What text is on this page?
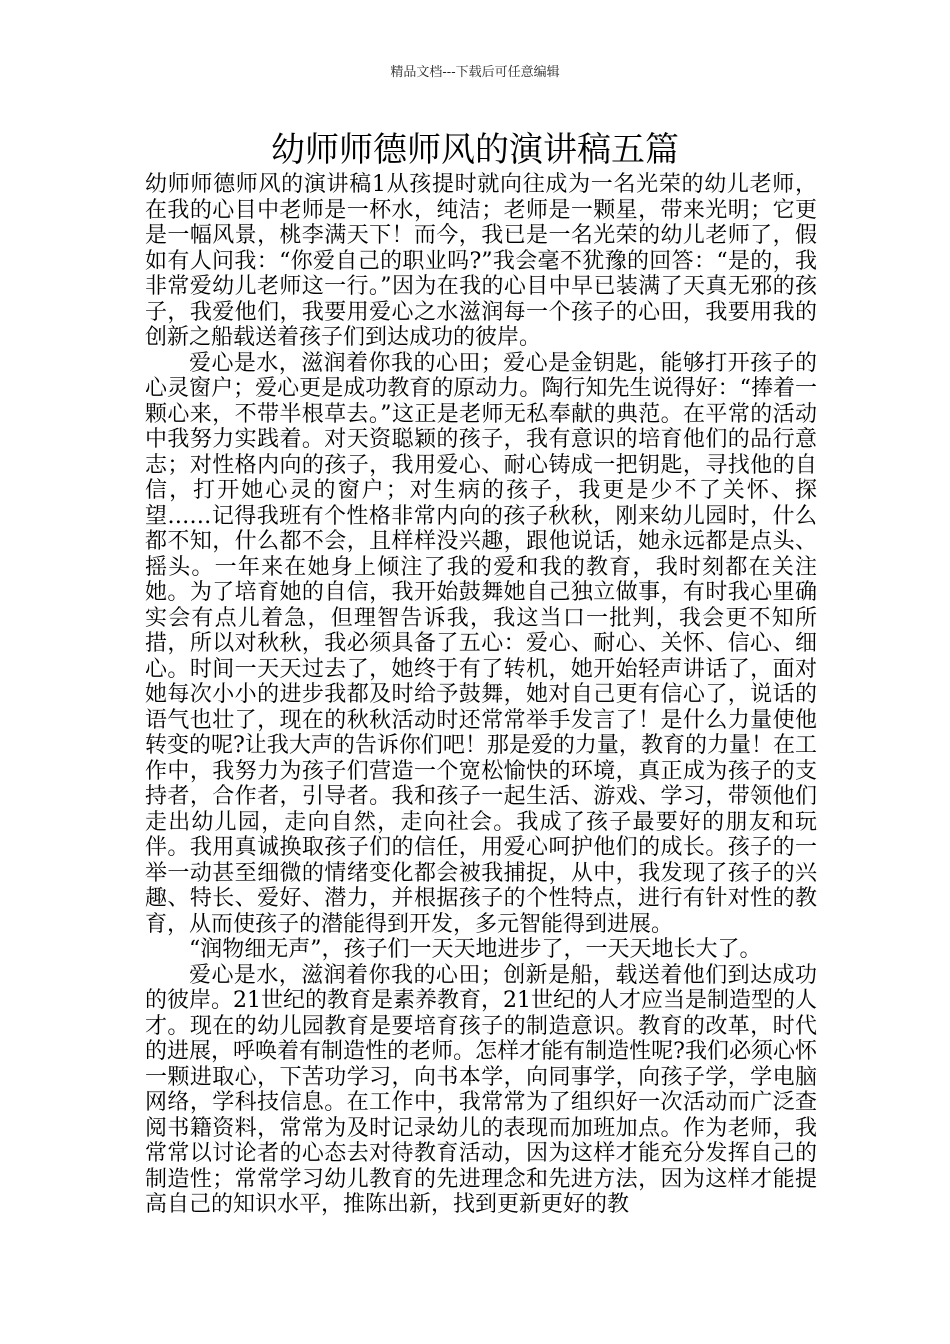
精品文档---下载后可任意编辑
幼师师德师风的演讲稿五篇

幼师师德师风的演讲稿1从孩提时就向往成为一名光荣的幼儿老师，在我的心目中老师是一杯水，纯洁；老师是一颗星，带来光明；它更是一幅风景，桃李满天下！而今，我已是一名光荣的幼儿老师了，假如有人问我：“你爱自己的职业吗?”我会毫不犹豫的回答：“是的，我非常爱幼儿老师这一行。”因为在我的心目中早已装满了天真无邪的孩子，我爱他们，我要用爱心之水滋润每一个孩子的心田，我要用我的创新之船载送着孩子们到达成功的彼岸。

爱心是水，滋润着你我的心田；爱心是金钥匙，能够打开孩子的心灵窗户；爱心更是成功教育的原动力。陶行知先生说得好：“捧着一颗心来，不带半根草去。”这正是老师无私奉献的典范。在平常的活动中我努力实践着。对天资聪颖的孩子，我有意识的培育他们的品行意志；对性格内向的孩子，我用爱心、耐心铸成一把钥匙，寻找他的自信，打开她心灵的窗户；对生病的孩子，我更是少不了关怀、探望……记得我班有个性格非常内向的孩子秋秋，刚来幼儿园时，什么都不知，什么都不会，且样样没兴趣，跟他说话，她永远都是点头、摇头。一年来在她身上倾注了我的爱和我的教育，我时刻都在关注她。为了培育她的自信，我开始鼓舞她自己独立做事，有时我心里确实会有点儿着急，但理智告诉我，我这当口一批判，我会更不知所措，所以对秋秋，我必须具备了五心：爱心、耐心、关怀、信心、细心。时间一天天过去了，她终于有了转机，她开始轻声讲话了，面对她每次小小的进步我都及时给予鼓舞，她对自己更有信心了，说话的语气也壮了，现在的秋秋活动时还常常举手发言了！是什么力量使他转变的呢?让我大声的告诉你们吧！那是爱的力量，教育的力量！在工作中，我努力为孩子们营造一个宽松愉快的环境，真正成为孩子的支持者，合作者，引导者。我和孩子一起生活、游戏、学习，带领他们走出幼儿园，走向自然，走向社会。我成了孩子最要好的朋友和玩伴。我用真诚换取孩子们的信任，用爱心呵护他们的成长。孩子的一举一动甚至细微的情绪变化都会被我捕捉，从中，我发现了孩子的兴趣、特长、爱好、潜力，并根据孩子的个性特点，进行有针对性的教育，从而使孩子的潜能得到开发，多元智能得到进展。

“润物细无声”，孩子们一天天地进步了，一天天地长大了。

爱心是水，滋润着你我的心田；创新是船，载送着他们到达成功的彼岸。21世纪的教育是素养教育，21世纪的人才应当是制造型的人才。现在的幼儿园教育是要培育孩子的制造意识。教育的改革，时代的进展，呼唤着有制造性的老师。怎样才能有制造性呢?我们必须心怀一颗进取心，下苦功学习，向书本学，向同事学，向孩子学，学电脑网络，学科技信息。在工作中，我常常为了组织好一次活动而广泛查阅书籍资料，常常为及时记录幼儿的表现而加班加点。作为老师，我常常以讨论者的心态去对待教育活动，因为这样才能充分发挥自己的制造性；常常学习幼儿教育的先进理念和先进方法，因为这样才能提高自己的知识水平，推陈出新，找到更新更好的教
